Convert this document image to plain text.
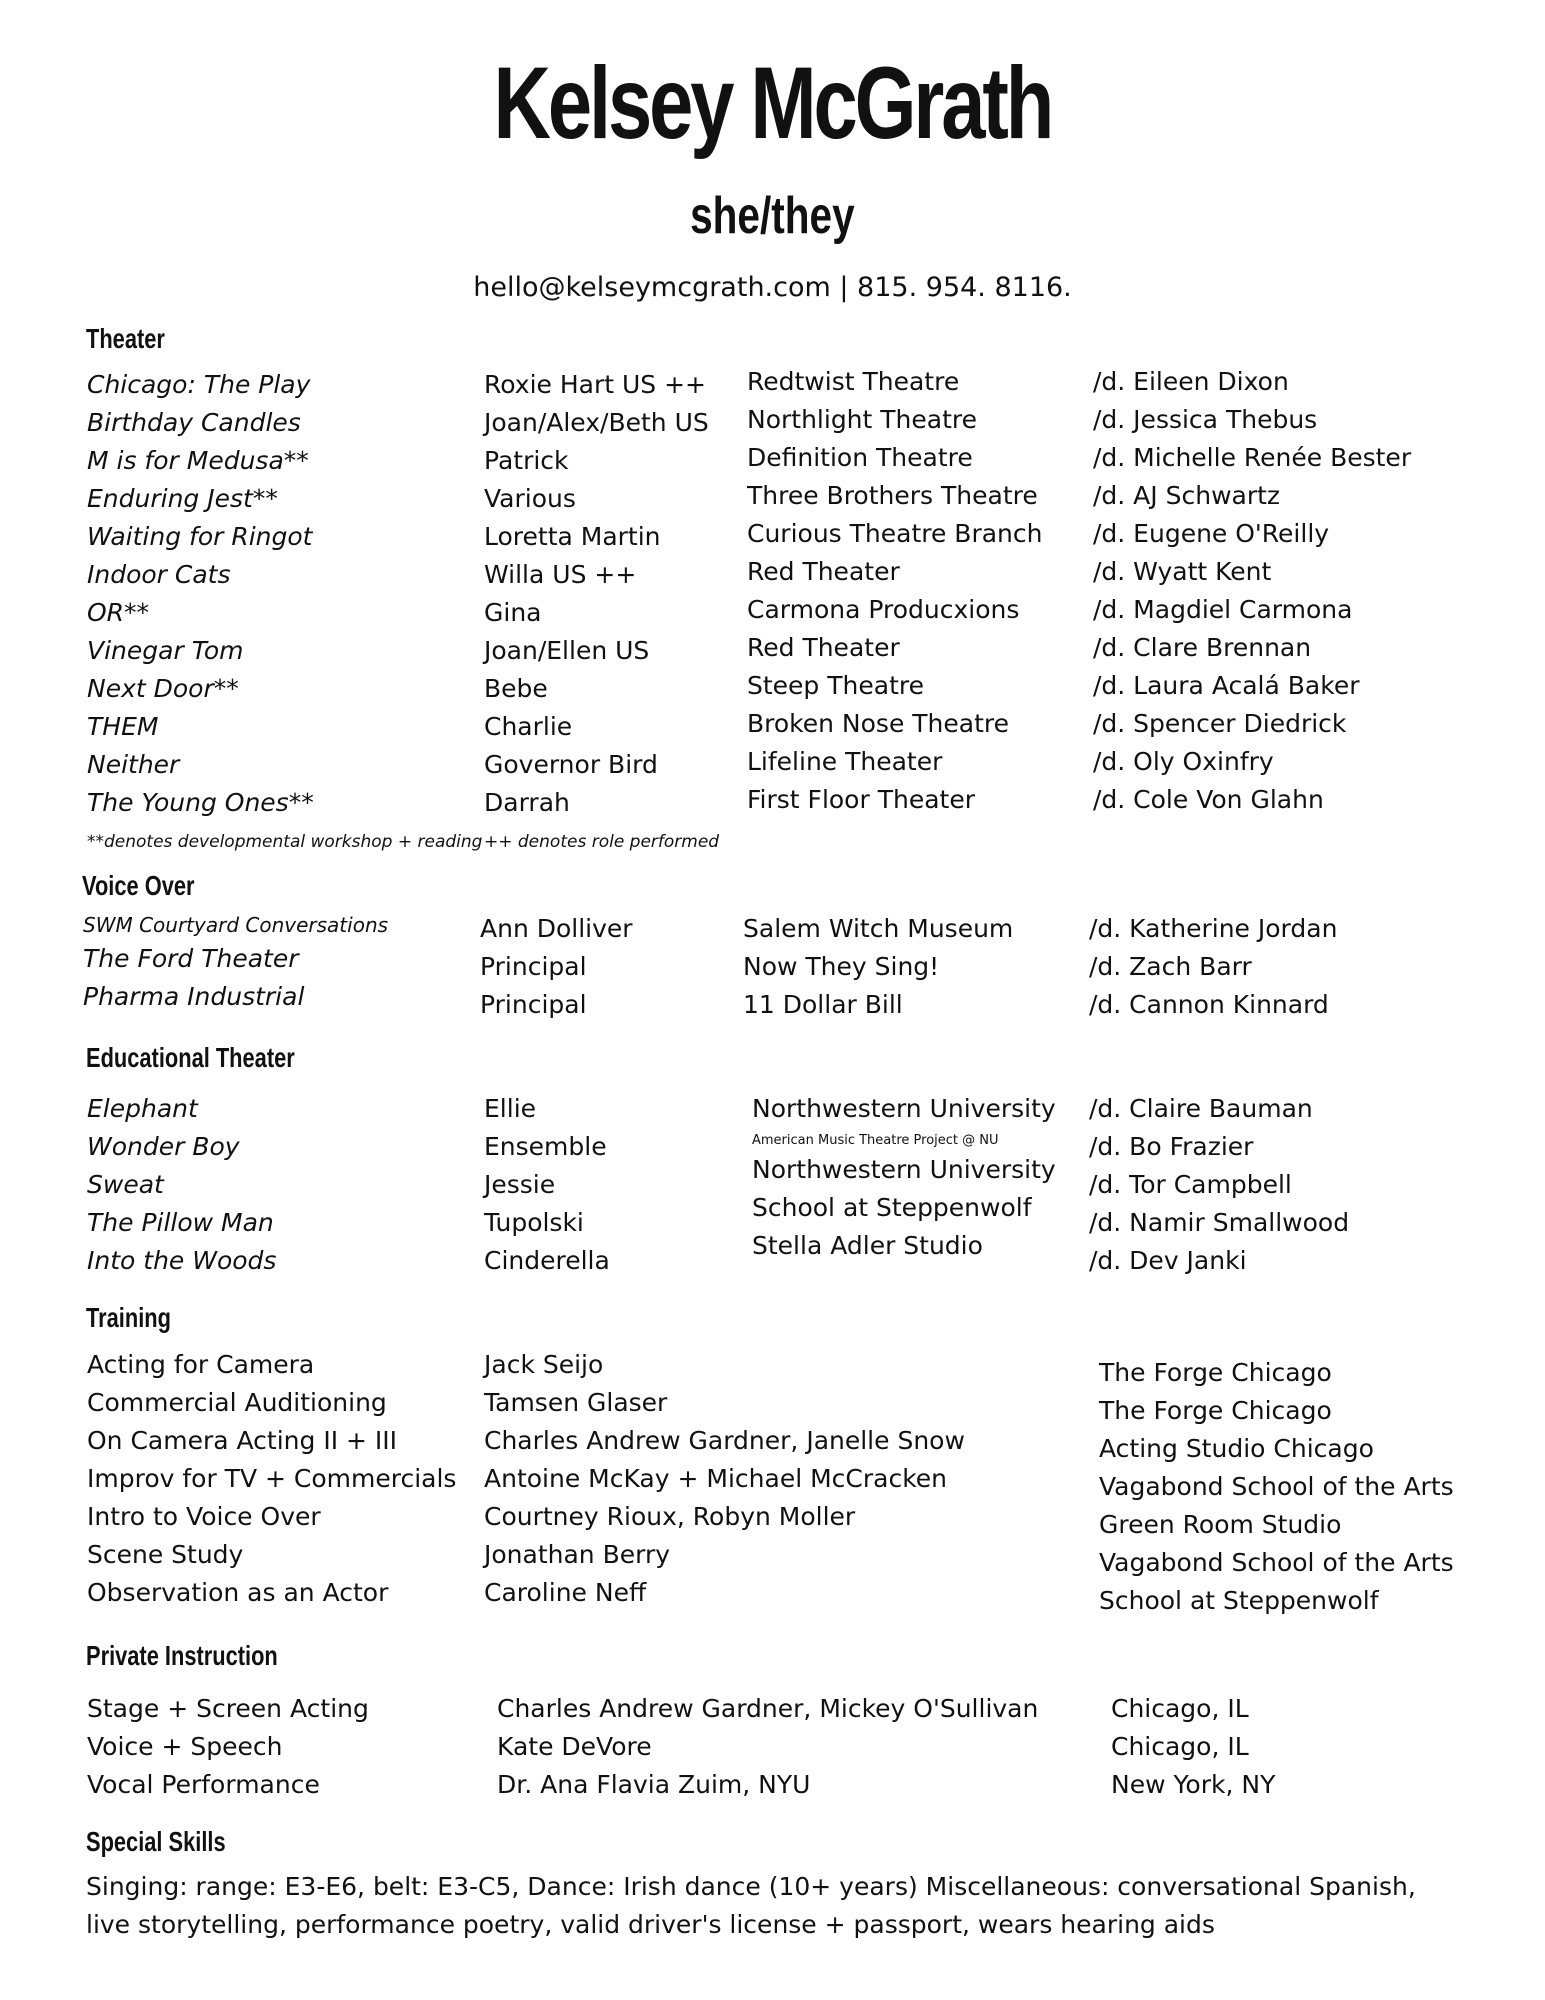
Kelsey McGrath
she/they
hello@kelseymcgrath.com | 815. 954. 8116.
Theater
Chicago: The Play
Birthday Candles
M is for Medusa**
Enduring Jest**
Waiting for Ringot
Indoor Cats
OR**
Vinegar Tom
Next Door**
THEM
Neither
The Young Ones**
Roxie Hart US ++
Joan/Alex/Beth US
Patrick
Various
Loretta Martin
Willa US ++
Gina
Joan/Ellen US
Bebe
Charlie
Governor Bird
Darrah
Redtwist Theatre
Northlight Theatre
Definition Theatre
Three Brothers Theatre
Curious Theatre Branch
Red Theater
Carmona Producxions
Red Theater
Steep Theatre
Broken Nose Theatre
Lifeline Theater
First Floor Theater
/d. Eileen Dixon
/d. Jessica Thebus
/d. Michelle Renée Bester
/d. AJ Schwartz
/d. Eugene O'Reilly
/d. Wyatt Kent
/d. Magdiel Carmona
/d. Clare Brennan
/d. Laura Acalá Baker
/d. Spencer Diedrick
/d. Oly Oxinfry
/d. Cole Von Glahn
**denotes developmental workshop + reading ++ denotes role performed
Voice Over
SWM Courtyard Conversations
The Ford Theater
Pharma Industrial
Ann Dolliver
Principal
Principal
Salem Witch Museum
Now They Sing!
11 Dollar Bill
/d. Katherine Jordan
/d. Zach Barr
/d. Cannon Kinnard
Educational Theater
Elephant
Wonder Boy
Sweat
The Pillow Man
Into the Woods
Ellie
Ensemble
Jessie
Tupolski
Cinderella
Northwestern University
American Music Theatre Project @ NU
Northwestern University
School at Steppenwolf
Stella Adler Studio
/d. Claire Bauman
/d. Bo Frazier
/d. Tor Campbell
/d. Namir Smallwood
/d. Dev Janki
Training
Acting for Camera
Commercial Auditioning
On Camera Acting II + III
Improv for TV + Commercials
Intro to Voice Over
Scene Study
Observation as an Actor
Jack Seijo
Tamsen Glaser
Charles Andrew Gardner, Janelle Snow
Antoine McKay + Michael McCracken
Courtney Rioux, Robyn Moller
Jonathan Berry
Caroline Neff
The Forge Chicago
The Forge Chicago
Acting Studio Chicago
Vagabond School of the Arts
Green Room Studio
Vagabond School of the Arts
School at Steppenwolf
Private Instruction
Stage + Screen Acting
Voice + Speech
Vocal Performance
Charles Andrew Gardner, Mickey O'Sullivan
Kate DeVore
Dr. Ana Flavia Zuim, NYU
Chicago, IL
Chicago, IL
New York, NY
Special Skills
Singing: range: E3-E6, belt: E3-C5, Dance: Irish dance (10+ years) Miscellaneous: conversational Spanish, live storytelling, performance poetry, valid driver's license + passport, wears hearing aids
